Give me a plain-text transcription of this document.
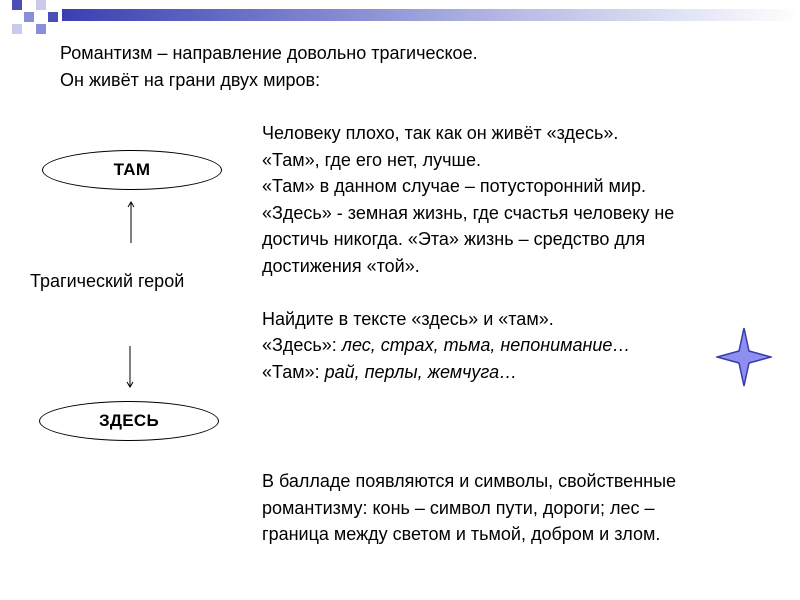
Романтизм – направление довольно трагическое.
Он живёт на грани двух миров:
ТАМ
Трагический герой
ЗДЕСЬ
Человеку плохо, так как он живёт «здесь».
«Там», где его нет, лучше.
«Там» в данном случае – потусторонний мир.
«Здесь» - земная жизнь, где счастья человеку не
достичь никогда. «Эта» жизнь – средство для
достижения «той».
Найдите в тексте «здесь» и «там».
«Здесь»: лес, страх, тьма, непонимание…
«Там»: рай, перлы, жемчуга…
В балладе появляются и символы, свойственные
романтизму: конь – символ пути, дороги; лес –
граница между светом и тьмой, добром и злом.
